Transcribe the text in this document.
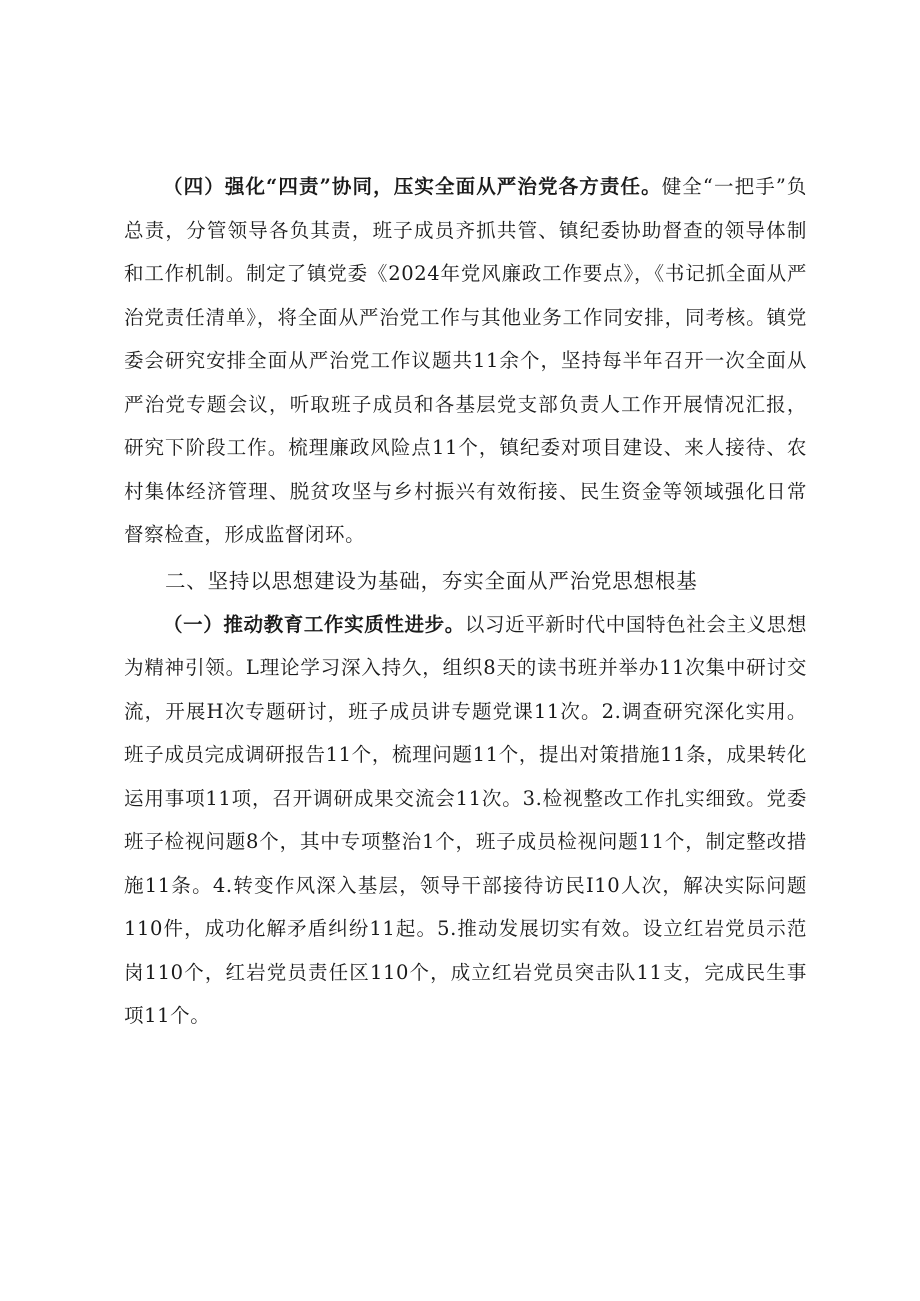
（四）强化“四责”协同，压实全面从严治党各方责任。健全“一把手”负总责，分管领导各负其责，班子成员齐抓共管、镇纪委协助督查的领导体制和工作机制。制定了镇党委《2024年党风廉政工作要点》，《书记抓全面从严治党责任清单》，将全面从严治党工作与其他业务工作同安排，同考核。镇党委会研究安排全面从严治党工作议题共11余个，坚持每半年召开一次全面从严治党专题会议，听取班子成员和各基层党支部负责人工作开展情况汇报，研究下阶段工作。梳理廉政风险点11个，镇纪委对项目建设、来人接待、农村集体经济管理、脱贫攻坚与乡村振兴有效衔接、民生资金等领域强化日常督察检查，形成监督闭环。

二、坚持以思想建设为基础，夯实全面从严治党思想根基

（一）推动教育工作实质性进步。以习近平新时代中国特色社会主义思想为精神引领。L理论学习深入持久，组织8天的读书班并举办11次集中研讨交流，开展H次专题研讨，班子成员讲专题党课11次。2.调查研究深化实用。班子成员完成调研报告11个，梳理问题11个，提出对策措施11条，成果转化运用事项11项，召开调研成果交流会11次。3.检视整改工作扎实细致。党委班子检视问题8个，其中专项整治1个，班子成员检视问题11个，制定整改措施11条。4.转变作风深入基层，领导干部接待访民I10人次，解决实际问题110件，成功化解矛盾纠纷11起。5.推动发展切实有效。设立红岩党员示范岗110个，红岩党员责任区110个，成立红岩党员突击队11支，完成民生事项11个。
